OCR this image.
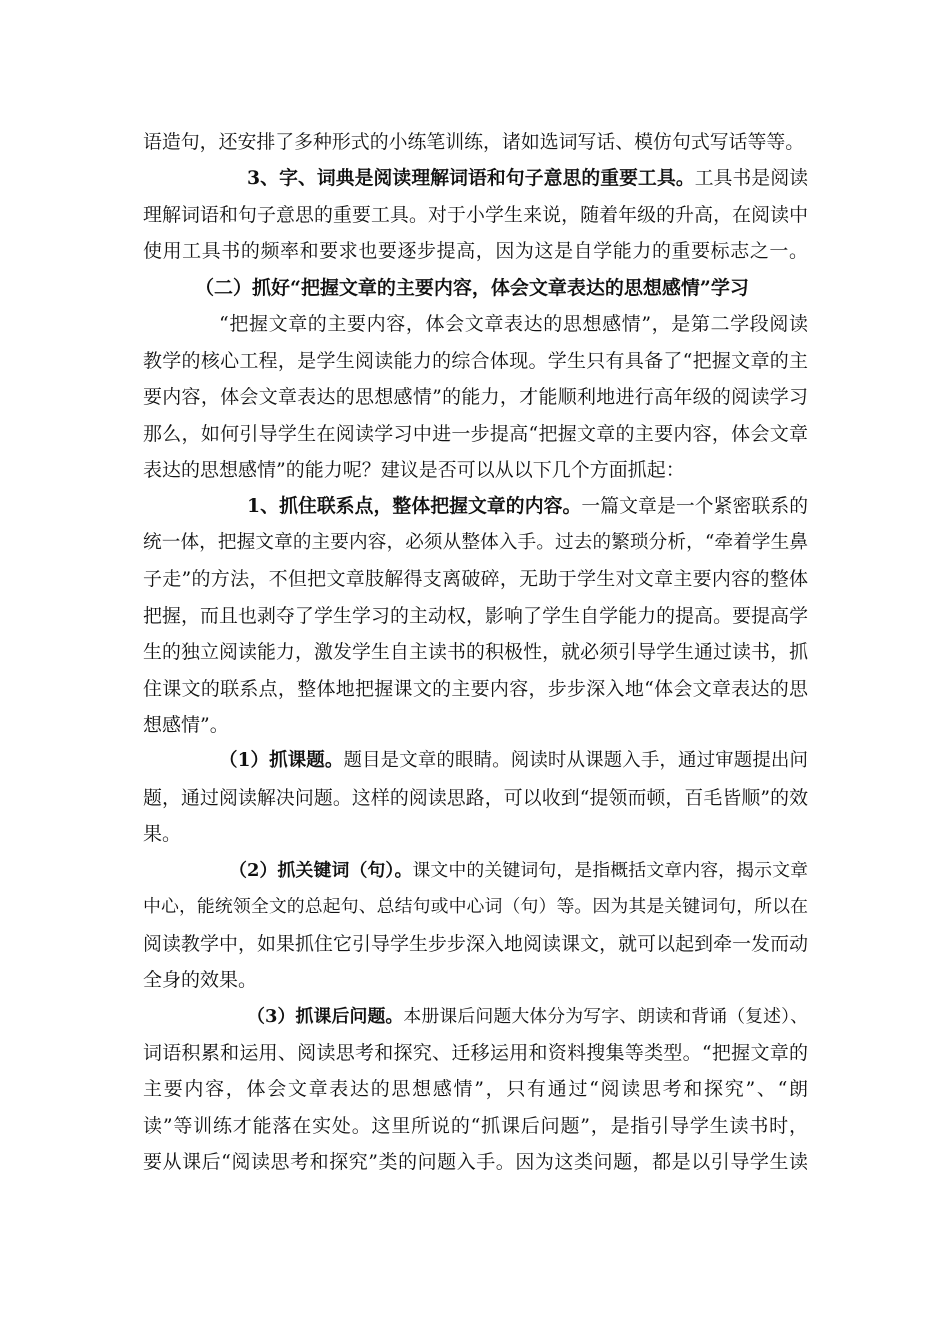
语造句，还安排了多种形式的小练笔训练，诸如选词写话、模仿句式写话等等。
3、字、词典是阅读理解词语和句子意思的重要工具。工具书是阅读
理解词语和句子意思的重要工具。对于小学生来说，随着年级的升高，在阅读中
使用工具书的频率和要求也要逐步提高，因为这是自学能力的重要标志之一。
（二）抓好“把握文章的主要内容，体会文章表达的思想感情”学习
“把握文章的主要内容，体会文章表达的思想感情”，是第二学段阅读
教学的核心工程，是学生阅读能力的综合体现。学生只有具备了“把握文章的主
要内容，体会文章表达的思想感情”的能力，才能顺利地进行高年级的阅读学习
那么，如何引导学生在阅读学习中进一步提高“把握文章的主要内容，体会文章
表达的思想感情”的能力呢？建议是否可以从以下几个方面抓起：
1、抓住联系点，整体把握文章的内容。一篇文章是一个紧密联系的
统一体，把握文章的主要内容，必须从整体入手。过去的繁琐分析，“牵着学生鼻
子走”的方法，不但把文章肢解得支离破碎，无助于学生对文章主要内容的整体
把握，而且也剥夺了学生学习的主动权，影响了学生自学能力的提高。要提高学
生的独立阅读能力，激发学生自主读书的积极性，就必须引导学生通过读书，抓
住课文的联系点，整体地把握课文的主要内容，步步深入地“体会文章表达的思
想感情”。
（1）抓课题。题目是文章的眼睛。阅读时从课题入手，通过审题提出问
题，通过阅读解决问题。这样的阅读思路，可以收到“提领而顿，百毛皆顺”的效
果。
（2）抓关键词（句）。课文中的关键词句，是指概括文章内容，揭示文章
中心，能统领全文的总起句、总结句或中心词（句）等。因为其是关键词句，所以在
阅读教学中，如果抓住它引导学生步步深入地阅读课文，就可以起到牵一发而动
全身的效果。
（3）抓课后问题。本册课后问题大体分为写字、朗读和背诵（复述）、
词语积累和运用、阅读思考和探究、迁移运用和资料搜集等类型。“把握文章的
主要内容，体会文章表达的思想感情”，只有通过“阅读思考和探究”、“朗
读”等训练才能落在实处。这里所说的“抓课后问题”，是指引导学生读书时，
要从课后“阅读思考和探究”类的问题入手。因为这类问题，都是以引导学生读
